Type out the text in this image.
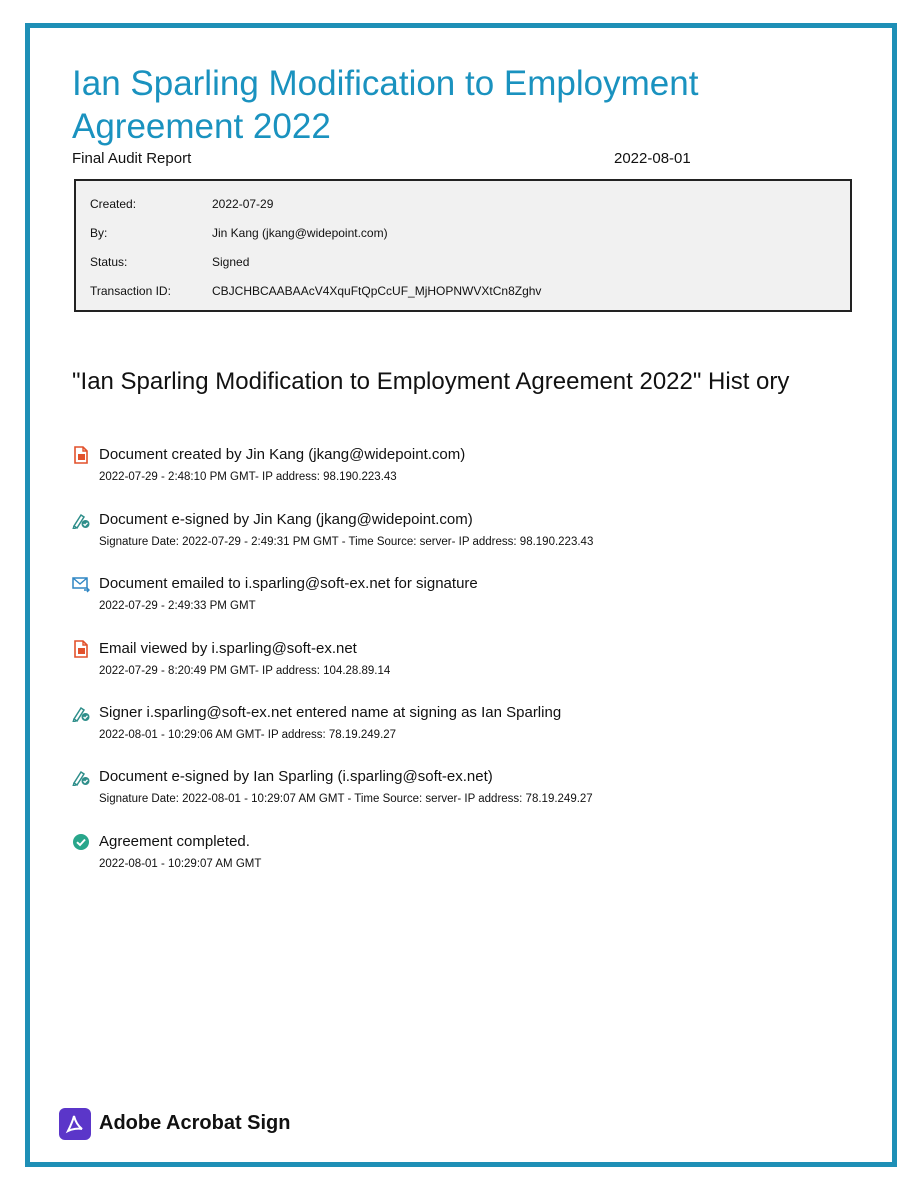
Ian Sparling Modification to Employment Agreement 2022
Final Audit Report	2022-08-01
Created:	2022-07-29
By:	Jin Kang (jkang@widepoint.com)
Status:	Signed
Transaction ID:	CBJCHBCAABAAcV4XquFtQpCcUF_MjHOPNWVXtCn8Zghv
"Ian Sparling Modification to Employment Agreement 2022" Hist ory
Document created by Jin Kang (jkang@widepoint.com)
2022-07-29 - 2:48:10 PM GMT- IP address: 98.190.223.43
Document e-signed by Jin Kang (jkang@widepoint.com)
Signature Date: 2022-07-29 - 2:49:31 PM GMT - Time Source: server- IP address: 98.190.223.43
Document emailed to i.sparling@soft-ex.net for signature
2022-07-29 - 2:49:33 PM GMT
Email viewed by i.sparling@soft-ex.net
2022-07-29 - 8:20:49 PM GMT- IP address: 104.28.89.14
Signer i.sparling@soft-ex.net entered name at signing as Ian Sparling
2022-08-01 - 10:29:06 AM GMT- IP address: 78.19.249.27
Document e-signed by Ian Sparling (i.sparling@soft-ex.net)
Signature Date: 2022-08-01 - 10:29:07 AM GMT - Time Source: server- IP address: 78.19.249.27
Agreement completed.
2022-08-01 - 10:29:07 AM GMT
Adobe Acrobat Sign
